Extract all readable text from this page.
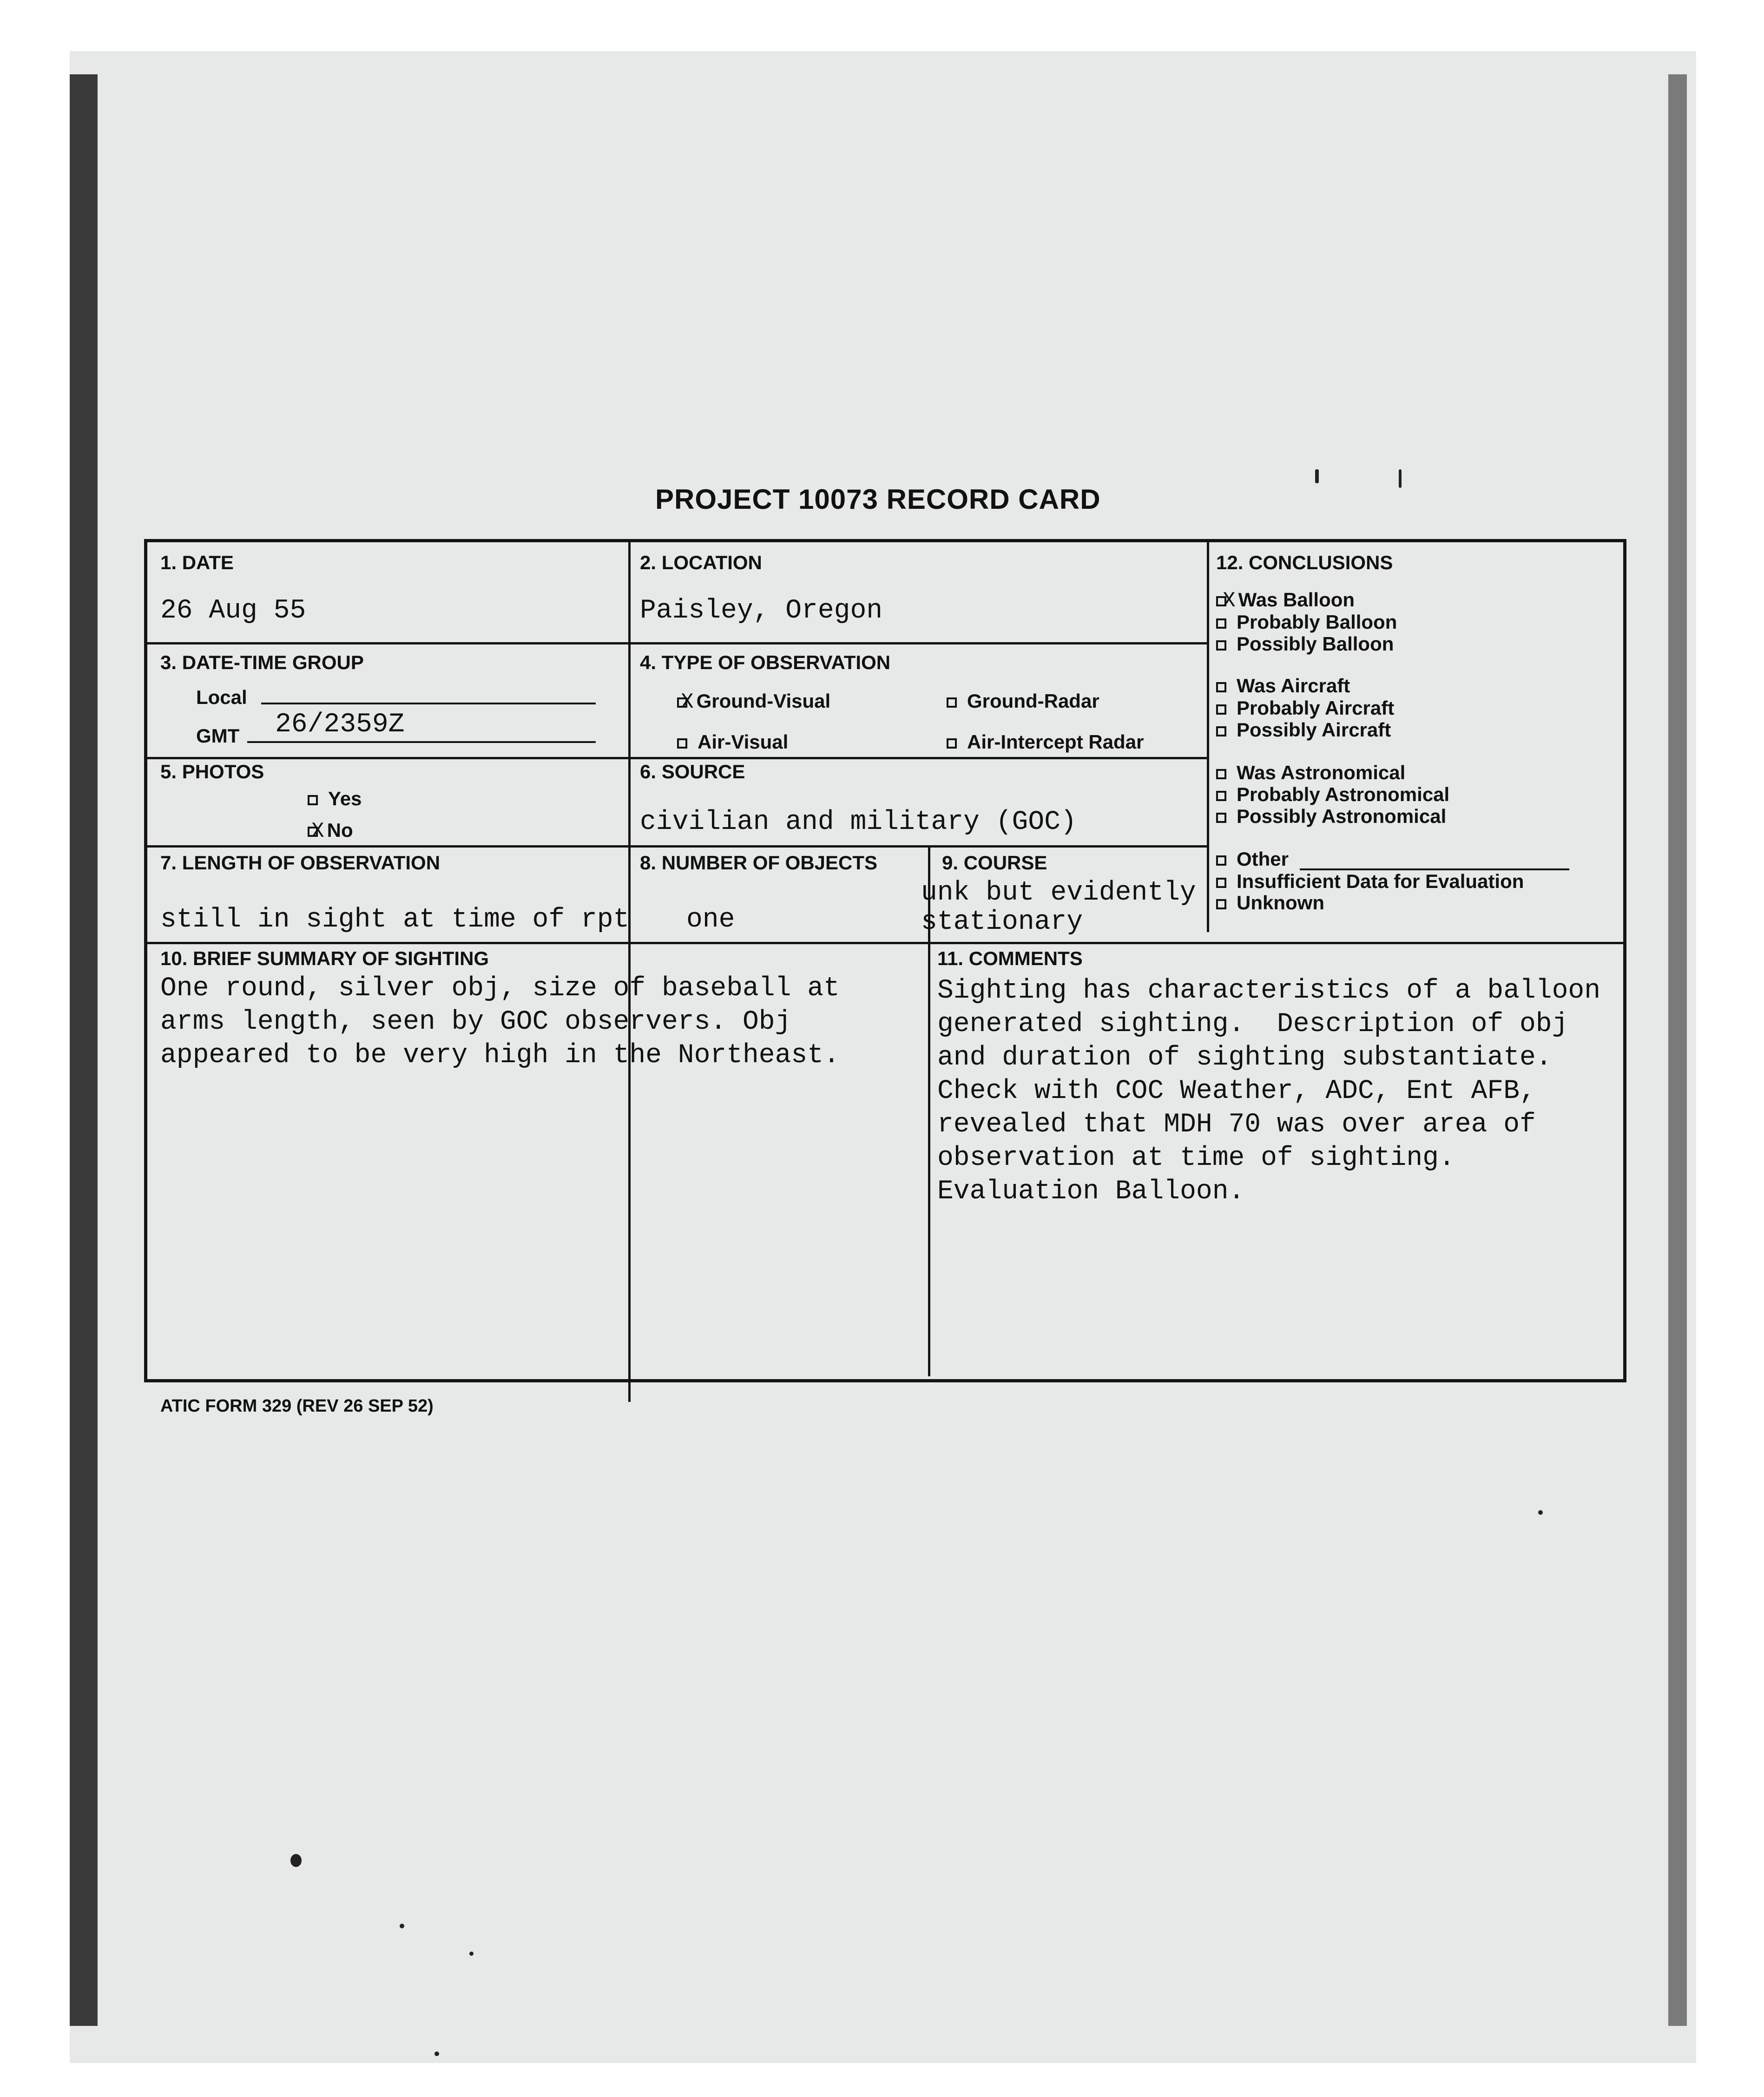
PROJECT 10073 RECORD CARD
1. DATE
26 Aug 55
2. LOCATION
Paisley, Oregon
12. CONCLUSIONS
X Was Balloon
Probably Balloon
Possibly Balloon
Was Aircraft
Probably Aircraft
Possibly Aircraft
Was Astronomical
Probably Astronomical
Possibly Astronomical
Other
Insufficient Data for Evaluation
Unknown
3. DATE-TIME GROUP
Local
GMT 26/2359Z
4. TYPE OF OBSERVATION
X Ground-Visual	Ground-Radar
Air-Visual	Air-Intercept Radar
5. PHOTOS
Yes
X No
6. SOURCE
civilian and military (GOC)
7. LENGTH OF OBSERVATION
still in sight at time of rpt
8. NUMBER OF OBJECTS
one
9. COURSE
unk but evidently
stationary
10. BRIEF SUMMARY OF SIGHTING
One round, silver obj, size of baseball at
arms length, seen by GOC observers. Obj
appeared to be very high in the Northeast.
11. COMMENTS
Sighting has characteristics of a balloon
generated sighting.  Description of obj
and duration of sighting substantiate.
Check with COC Weather, ADC, Ent AFB,
revealed that MDH 70 was over area of
observation at time of sighting.
Evaluation Balloon.
ATIC FORM 329 (REV 26 SEP 52)
